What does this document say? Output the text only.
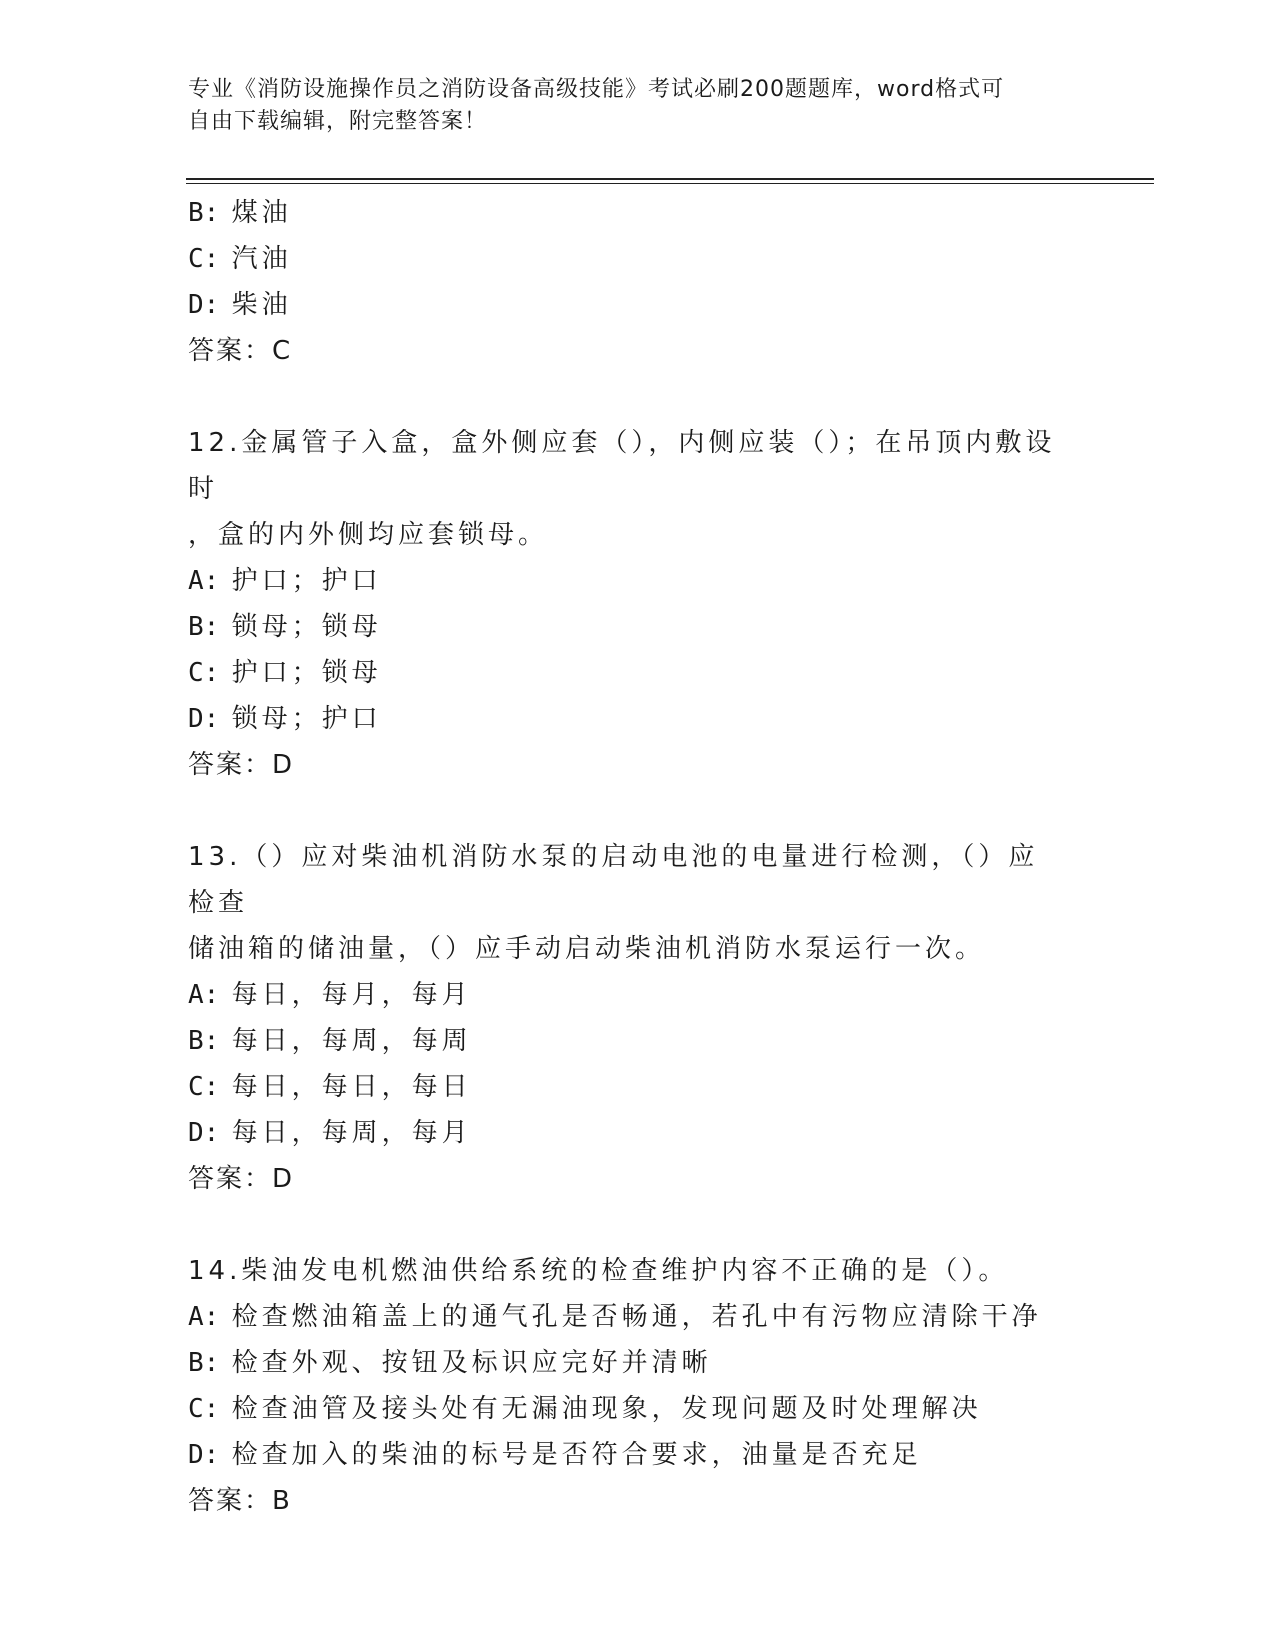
专业《消防设施操作员之消防设备高级技能》考试必刷200题题库，word格式可
自由下载编辑，附完整答案！
B: 煤油
C: 汽油
D: 柴油
答案：C
12.金属管子入盒，盒外侧应套（），内侧应装（）；在吊顶内敷设时
，盒的内外侧均应套锁母。
A: 护口；护口
B: 锁母；锁母
C: 护口；锁母
D: 锁母；护口
答案：D
13.（）应对柴油机消防水泵的启动电池的电量进行检测，（）应检查
储油箱的储油量，（）应手动启动柴油机消防水泵运行一次。
A: 每日，每月，每月
B: 每日，每周，每周
C: 每日，每日，每日
D: 每日，每周，每月
答案：D
14.柴油发电机燃油供给系统的检查维护内容不正确的是（）。
A: 检查燃油箱盖上的通气孔是否畅通，若孔中有污物应清除干净
B: 检查外观、按钮及标识应完好并清晰
C: 检查油管及接头处有无漏油现象，发现问题及时处理解决
D: 检查加入的柴油的标号是否符合要求，油量是否充足
答案：B
